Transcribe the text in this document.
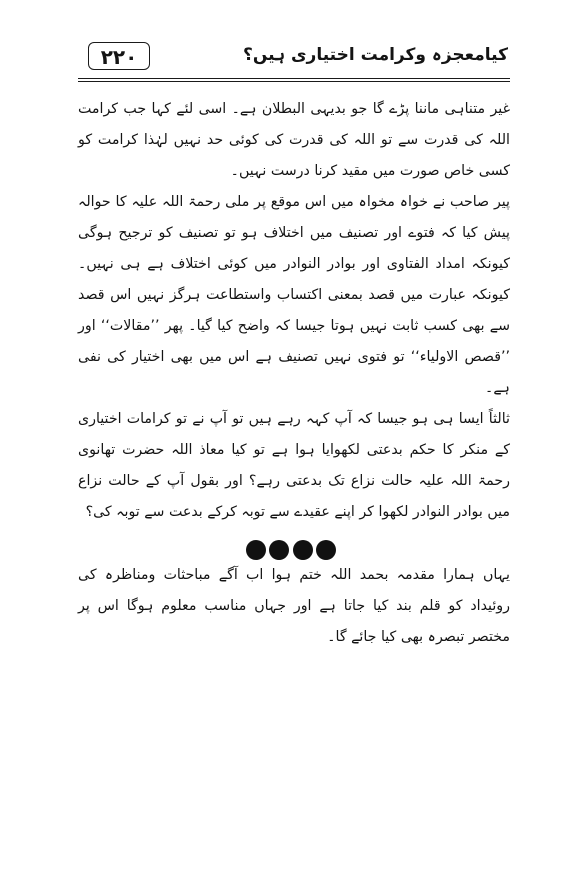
۲۲۰	کیامعجزہ وکرامت اختیاری ہیں؟

غیر متناہی ماننا پڑے گا جو بدیہی البطلان ہے۔ اسی لئے کہا جب کرامت اللہ کی قدرت سے تو اللہ کی قدرت کی کوئی حد نہیں لہٰذا کرامت کو کسی خاص صورت میں مقید کرنا درست نہیں۔

پیر صاحب نے خواہ مخواہ میں اس موقع پر ملی رحمۃ اللہ علیہ کا حوالہ پیش کیا کہ فتوے اور تصنیف میں اختلاف ہو تو تصنیف کو ترجیح ہوگی کیونکہ امداد الفتاوی اور بوادر النوادر میں کوئی اختلاف ہے ہی نہیں۔ کیونکہ عبارت میں قصد بمعنی اکتساب واستطاعت ہرگز نہیں اس قصد سے بھی کسب ثابت نہیں ہوتا جیسا کہ واضح کیا گیا۔ پھر ’’مقالات‘‘ اور ’’قصص الاولیاء‘‘ تو فتوی نہیں تصنیف ہے اس میں بھی اختیار کی نفی ہے۔

ثالثاً ایسا ہی ہو جیسا کہ آپ کہہ رہے ہیں تو آپ نے تو کرامات اختیاری کے منکر کا حکم بدعتی لکھوایا ہوا ہے تو کیا معاذ اللہ حضرت تھانوی رحمۃ اللہ علیہ حالت نزاع تک بدعتی رہے؟ اور بقول آپ کے حالت نزاع میں بوادر النوادر لکھوا کر اپنے عقیدے سے توبہ کرکے بدعت سے توبہ کی؟

یہاں ہمارا مقدمہ بحمد اللہ ختم ہوا اب آگے مباحثات ومناظرہ کی روئیداد کو قلم بند کیا جاتا ہے اور جہاں مناسب معلوم ہوگا اس پر مختصر تبصرہ بھی کیا جائے گا۔
